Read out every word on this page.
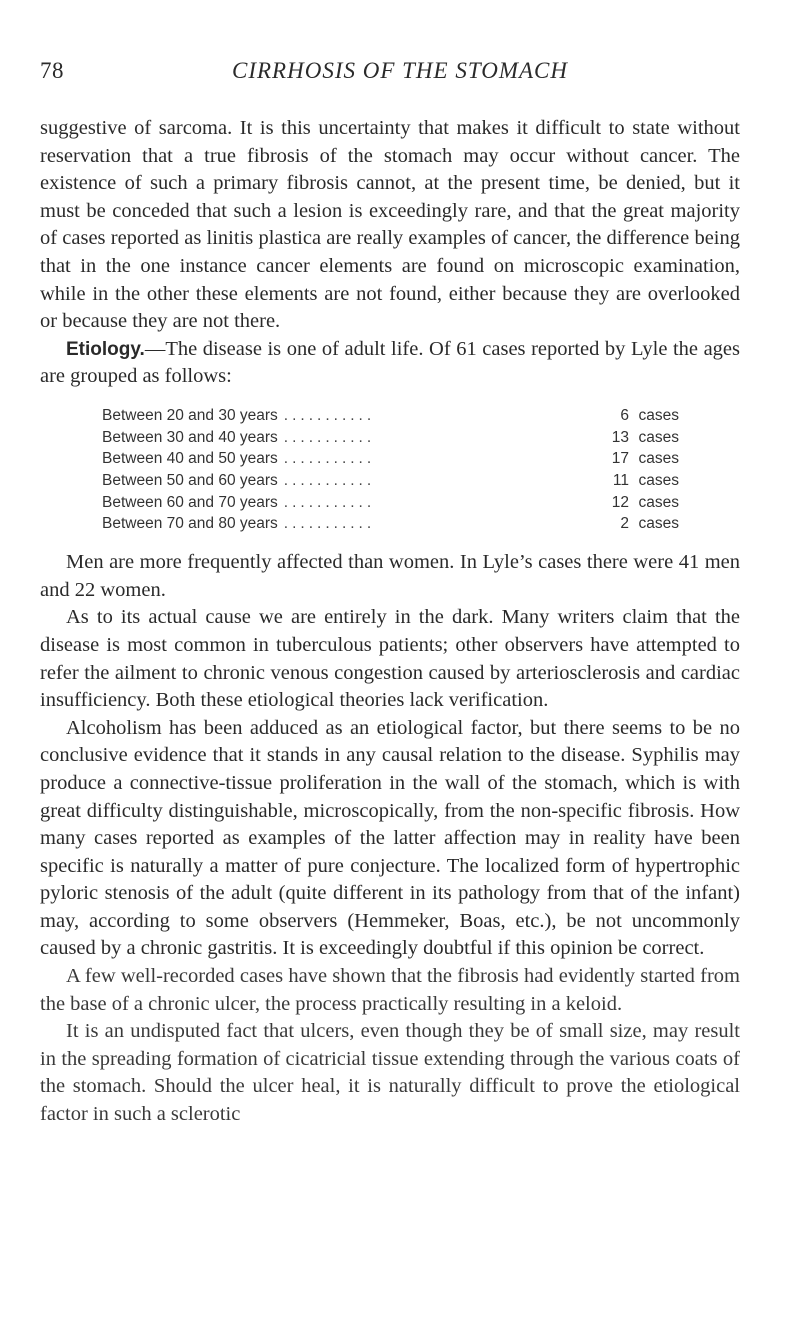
78	CIRRHOSIS OF THE STOMACH

suggestive of sarcoma. It is this uncertainty that makes it difficult to state without reservation that a true fibrosis of the stomach may occur without cancer. The existence of such a primary fibrosis cannot, at the present time, be denied, but it must be conceded that such a lesion is exceedingly rare, and that the great majority of cases reported as linitis plastica are really examples of cancer, the difference being that in the one instance cancer elements are found on microscopic examination, while in the other these elements are not found, either because they are overlooked or because they are not there.

Etiology.—The disease is one of adult life. Of 61 cases reported by Lyle the ages are grouped as follows:

Between 20 and 30 years ...........	6 cases
Between 30 and 40 years ...........	13 cases
Between 40 and 50 years ...........	17 cases
Between 50 and 60 years ...........	11 cases
Between 60 and 70 years ...........	12 cases
Between 70 and 80 years ...........	2 cases

Men are more frequently affected than women. In Lyle’s cases there were 41 men and 22 women.

As to its actual cause we are entirely in the dark. Many writers claim that the disease is most common in tuberculous patients; other observers have attempted to refer the ailment to chronic venous congestion caused by arteriosclerosis and cardiac insufficiency. Both these etiological theories lack verification.

Alcoholism has been adduced as an etiological factor, but there seems to be no conclusive evidence that it stands in any causal relation to the disease. Syphilis may produce a connective-tissue proliferation in the wall of the stomach, which is with great difficulty distinguishable, microscopically, from the non-specific fibrosis. How many cases reported as examples of the latter affection may in reality have been specific is naturally a matter of pure conjecture. The localized form of hypertrophic pyloric stenosis of the adult (quite different in its pathology from that of the infant) may, according to some observers (Hemmeker, Boas, etc.), be not uncommonly caused by a chronic gastritis. It is exceedingly doubtful if this opinion be correct.

A few well-recorded cases have shown that the fibrosis had evidently started from the base of a chronic ulcer, the process practically resulting in a keloid.

It is an undisputed fact that ulcers, even though they be of small size, may result in the spreading formation of cicatricial tissue extending through the various coats of the stomach. Should the ulcer heal, it is naturally difficult to prove the etiological factor in such a sclerotic
